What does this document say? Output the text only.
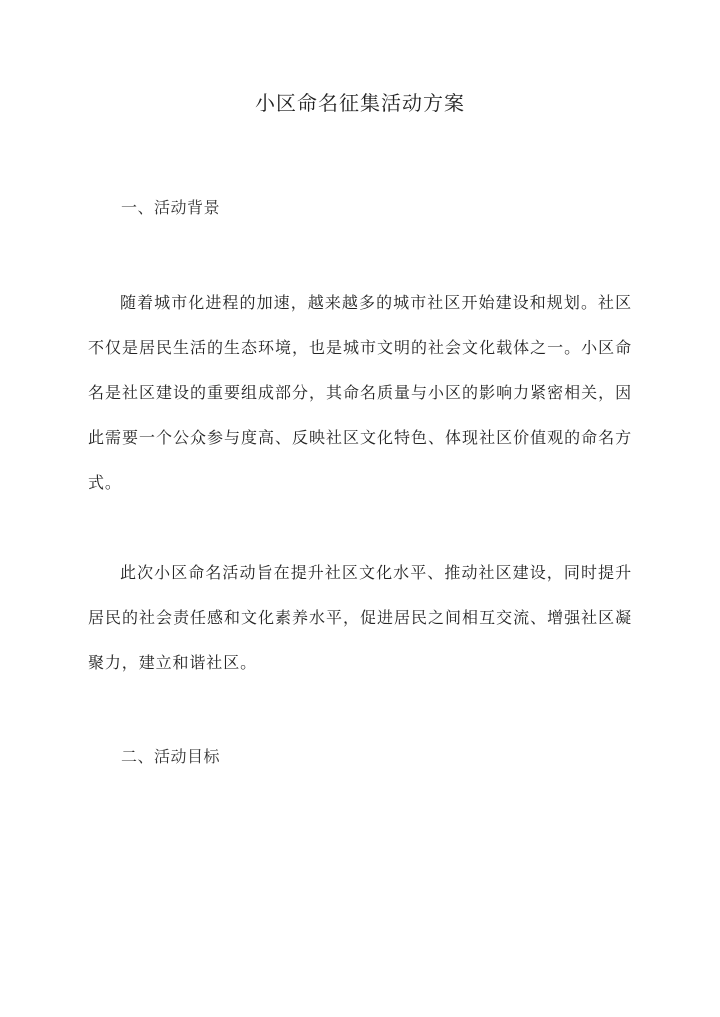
小区命名征集活动方案
一、活动背景

随着城市化进程的加速，越来越多的城市社区开始建设和规划。社区不仅是居民生活的生态环境，也是城市文明的社会文化载体之一。小区命名是社区建设的重要组成部分，其命名质量与小区的影响力紧密相关，因此需要一个公众参与度高、反映社区文化特色、体现社区价值观的命名方式。

此次小区命名活动旨在提升社区文化水平、推动社区建设，同时提升居民的社会责任感和文化素养水平，促进居民之间相互交流、增强社区凝聚力，建立和谐社区。

二、活动目标
